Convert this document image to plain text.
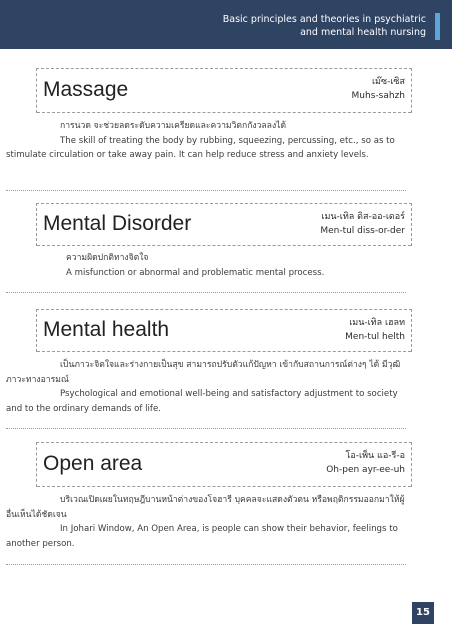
Basic principles and theories in psychiatric
and mental health nursing
Massage	เม๊ซ-เซิส
Muhs-sahzh

การนวด จะช่วยลดระดับความเครียดและความวิตกกังวลลงได้

The skill of treating the body by rubbing, squeezing, percussing, etc., so as to stimulate circulation or take away pain. It can help reduce stress and anxiety levels.

Mental Disorder	เมน-เทิล ดิส-ออ-เดอร์
Men-tul diss-or-der

ความผิดปกติทางจิตใจ

A misfunction or abnormal and problematic mental process.

Mental health	เมน-เทิล เฮลท
Men-tul helth

เป็นภาวะจิตใจและร่างกายเป็นสุข สามารถปรับตัวแก้ปัญหา เข้ากับสถานการณ์ต่างๆ ได้ มีวุฒิภาวะทางอารมณ์

Psychological and emotional well-being and satisfactory adjustment to society and to the ordinary demands of life.

Open area	โอ-เพ็น แอ-รี-อ
Oh-pen ayr-ee-uh

บริเวณเปิดเผยในทฤษฎีบานหน้าต่างของโจฮารี บุคคลจะแสดงตัวตน หรือพฤติกรรมออกมาให้ผู้อื่นเห็นได้ชัดเจน

In Johari Window, An Open Area, is people can show their behavior, feelings to another person.

15
